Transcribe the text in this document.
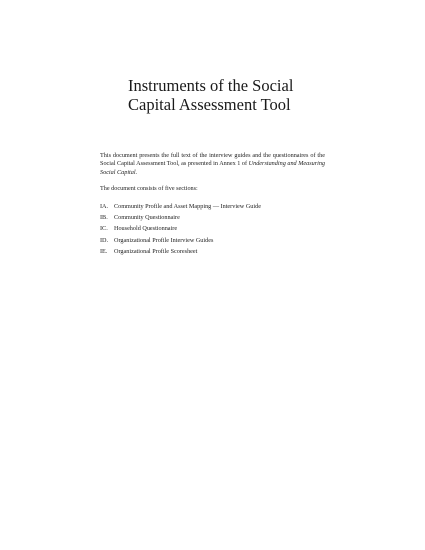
Instruments of the Social
Capital Assessment Tool

This document presents the full text of the interview guides and the questionnaires of the Social Capital Assessment Tool, as presented in Annex 1 of Understanding and Measuring Social Capital.

The document consists of five sections:

IA. Community Profile and Asset Mapping — Interview Guide
IB.	Community Questionnaire
IC.	Household Questionnaire
ID. Organizational Profile Interview Guides
IE.	Organizational Profile Scoresheet
